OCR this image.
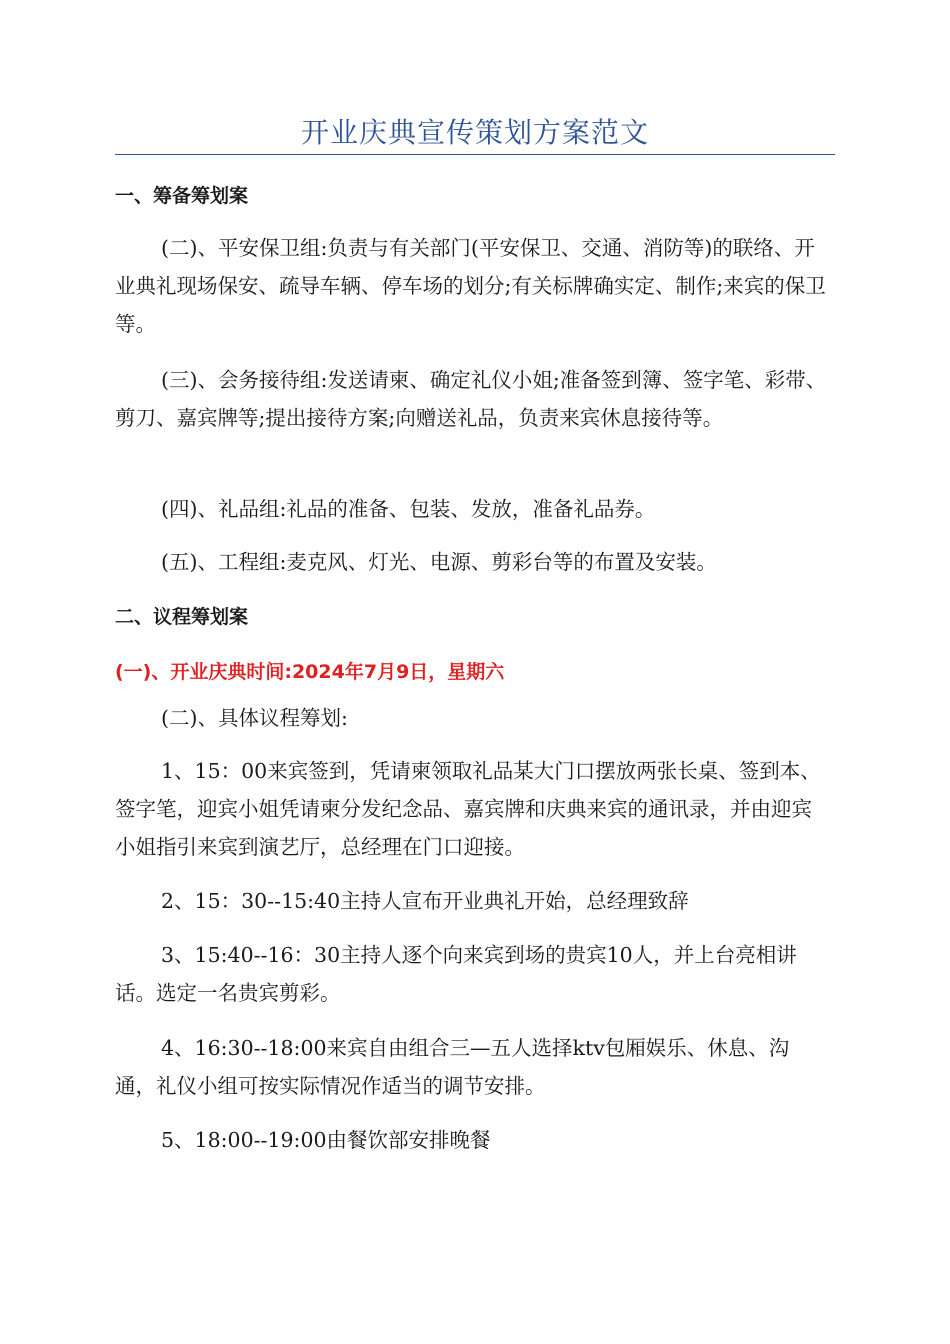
开业庆典宣传策划方案范文

一、筹备筹划案

(二)、平安保卫组:负责与有关部门(平安保卫、交通、消防等)的联络、开业典礼现场保安、疏导车辆、停车场的划分;有关标牌确实定、制作;来宾的保卫等。

(三)、会务接待组:发送请柬、确定礼仪小姐;准备签到簿、签字笔、彩带、剪刀、嘉宾牌等;提出接待方案;向赠送礼品，负责来宾休息接待等。

(四)、礼品组:礼品的准备、包装、发放，准备礼品券。

(五)、工程组:麦克风、灯光、电源、剪彩台等的布置及安装。

二、议程筹划案

(一)、开业庆典时间:2024年7月9日，星期六

(二)、具体议程筹划:

1、15：00来宾签到，凭请柬领取礼品某大门口摆放两张长桌、签到本、签字笔，迎宾小姐凭请柬分发纪念品、嘉宾牌和庆典来宾的通讯录，并由迎宾小姐指引来宾到演艺厅，总经理在门口迎接。

2、15：30--15:40主持人宣布开业典礼开始，总经理致辞

3、15:40--16：30主持人逐个向来宾到场的贵宾10人，并上台亮相讲话。选定一名贵宾剪彩。

4、16:30--18:00来宾自由组合三—五人选择ktv包厢娱乐、休息、沟通，礼仪小组可按实际情况作适当的调节安排。

5、18:00--19:00由餐饮部安排晚餐
